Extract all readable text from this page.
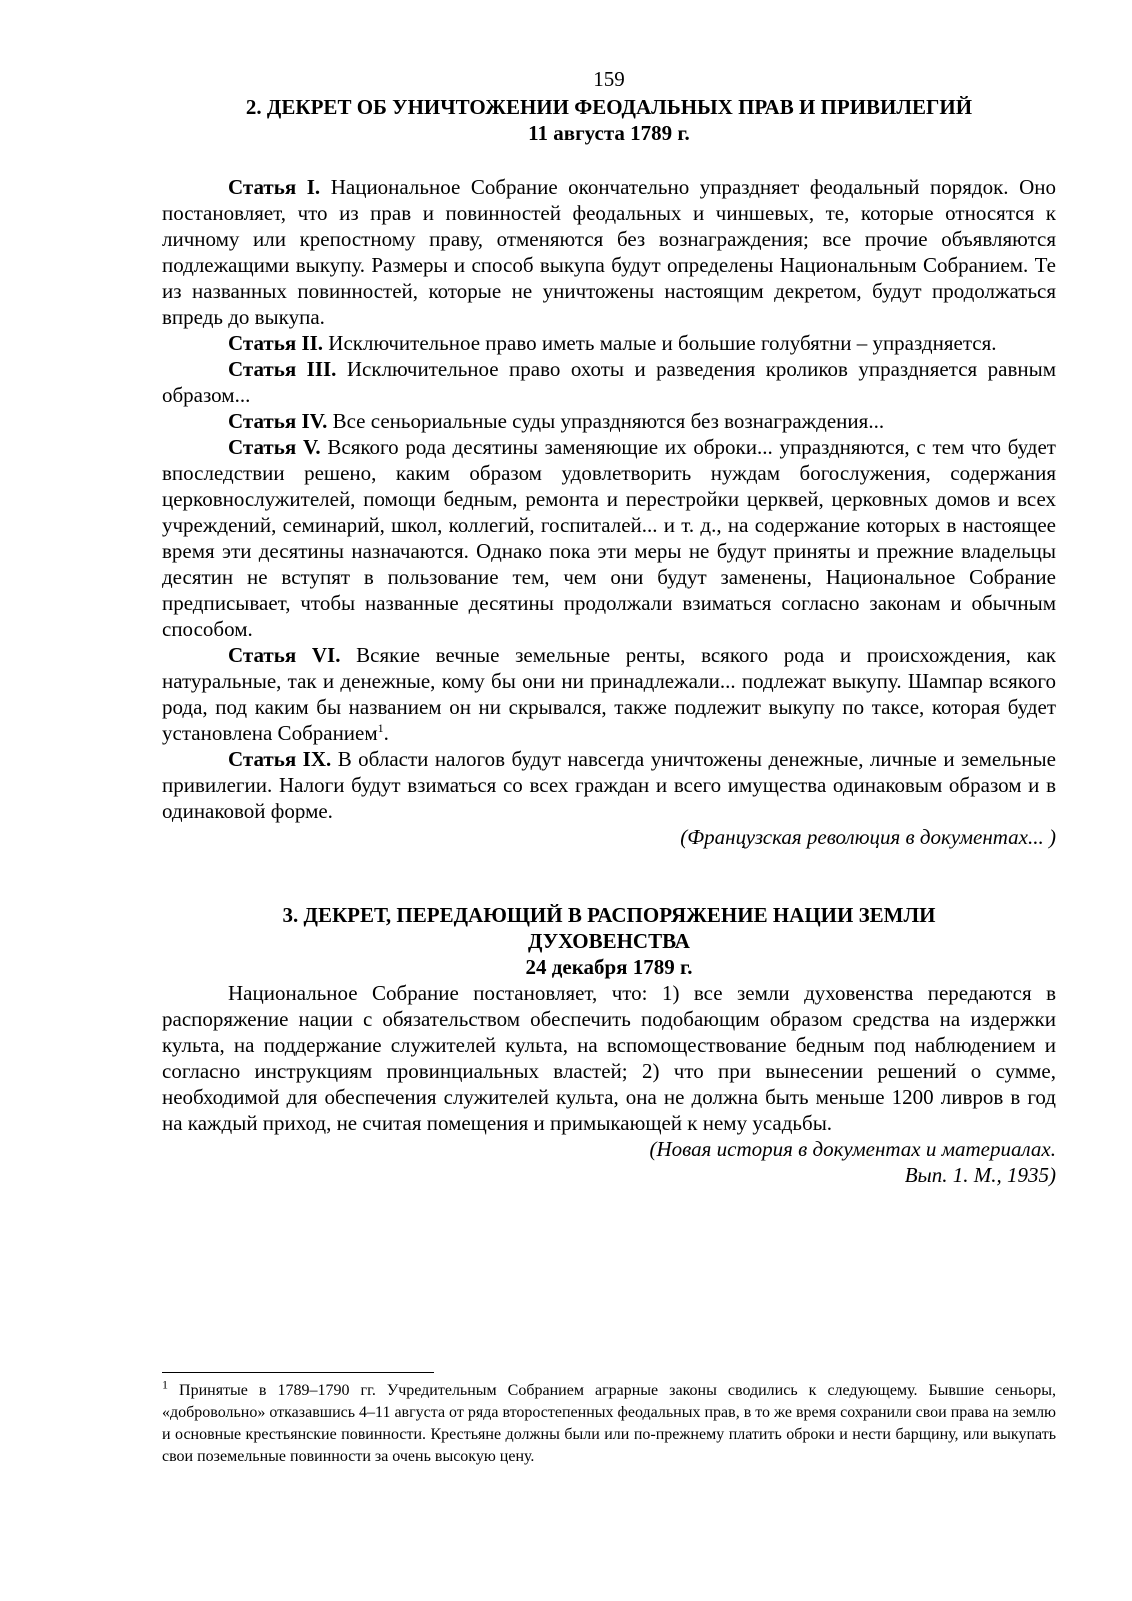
159

2. ДЕКРЕТ ОБ УНИЧТОЖЕНИИ ФЕОДАЛЬНЫХ ПРАВ И ПРИВИЛЕГИЙ

11 августа 1789 г.

Статья I. Национальное Собрание окончательно упраздняет феодальный порядок. Оно постановляет, что из прав и повинностей феодальных и чиншевых, те, которые относятся к личному или крепостному праву, отменяются без вознаграждения; все прочие объявляются подлежащими выкупу. Размеры и способ выкупа будут определены Национальным Собранием. Те из названных повинностей, которые не уничтожены настоящим декретом, будут продолжаться впредь до выкупа.

Статья II. Исключительное право иметь малые и большие голубятни – упраздняется.

Статья III. Исключительное право охоты и разведения кроликов упраздняется равным образом...

Статья IV. Все сеньориальные суды упраздняются без вознаграждения...

Статья V. Всякого рода десятины заменяющие их оброки... упраздняются, с тем что будет впоследствии решено, каким образом удовлетворить нуждам богослужения, содержания церковнослужителей, помощи бедным, ремонта и перестройки церквей, церковных домов и всех учреждений, семинарий, школ, коллегий, госпиталей... и т. д., на содержание которых в настоящее время эти десятины назначаются. Однако пока эти меры не будут приняты и прежние владельцы десятин не вступят в пользование тем, чем они будут заменены, Национальное Собрание предписывает, чтобы названные десятины продолжали взиматься согласно законам и обычным способом.

Статья VI. Всякие вечные земельные ренты, всякого рода и происхождения, как натуральные, так и денежные, кому бы они ни принадлежали... подлежат выкупу. Шампар всякого рода, под каким бы названием он ни скрывался, также подлежит выкупу по таксе, которая будет установлена Собранием$^1$.

Статья IX. В области налогов будут навсегда уничтожены денежные, личные и земельные привилегии. Налоги будут взиматься со всех граждан и всего имущества одинаковым образом и в одинаковой форме.

(Французская революция в документах... )

3. ДЕКРЕТ, ПЕРЕДАЮЩИЙ В РАСПОРЯЖЕНИЕ НАЦИИ ЗЕМЛИ

ДУХОВЕНСТВА

24 декабря 1789 г.

Национальное Собрание постановляет, что: 1) все земли духовенства передаются в распоряжение нации с обязательством обеспечить подобающим образом средства на издержки культа, на поддержание служителей культа, на вспомоществование бедным под наблюдением и согласно инструкциям провинциальных властей; 2) что при вынесении решений о сумме, необходимой для обеспечения служителей культа, она не должна быть меньше 1200 ливров в год на каждый приход, не считая помещения и примыкающей к нему усадьбы.

(Новая история в документах и материалах.

Вып. 1. М., 1935)

$^1$ Принятые в 1789–1790 гг. Учредительным Собранием аграрные законы сводились к следующему. Бывшие сеньоры, «добровольно» отказавшись 4–11 августа от ряда второстепенных феодальных прав, в то же время сохранили свои права на землю и основные крестьянские повинности. Крестьяне должны были или по-прежнему платить оброки и нести барщину, или выкупать свои поземельные повинности за очень высокую цену.
